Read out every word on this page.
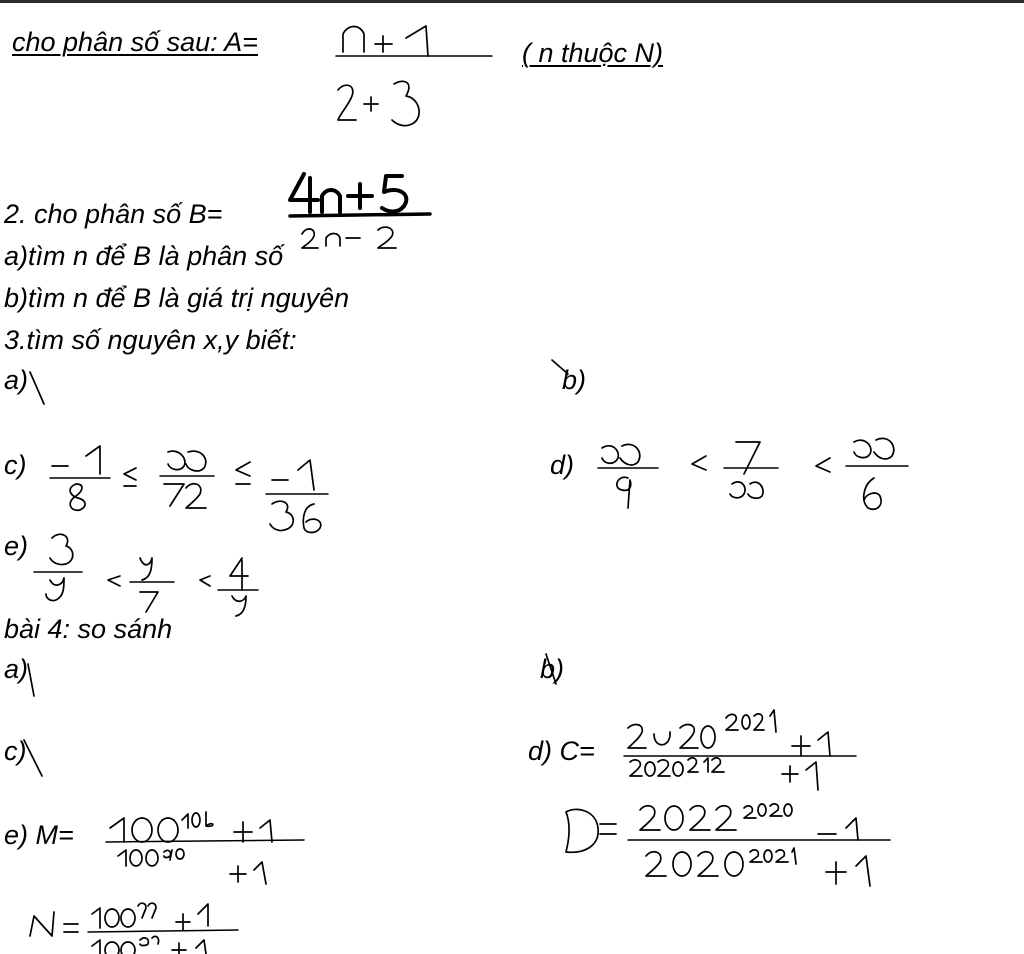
cho phân số sau: A=	( n thuộc N)
2. cho phân số B=
a)tìm n để B là phân số
b)tìm n để B là giá trị nguyên
3.tìm số nguyên x,y biết:
a)	b)
c)	d)
e)
bài 4: so sánh
a)	b)
c)	d) C=
e) M=
